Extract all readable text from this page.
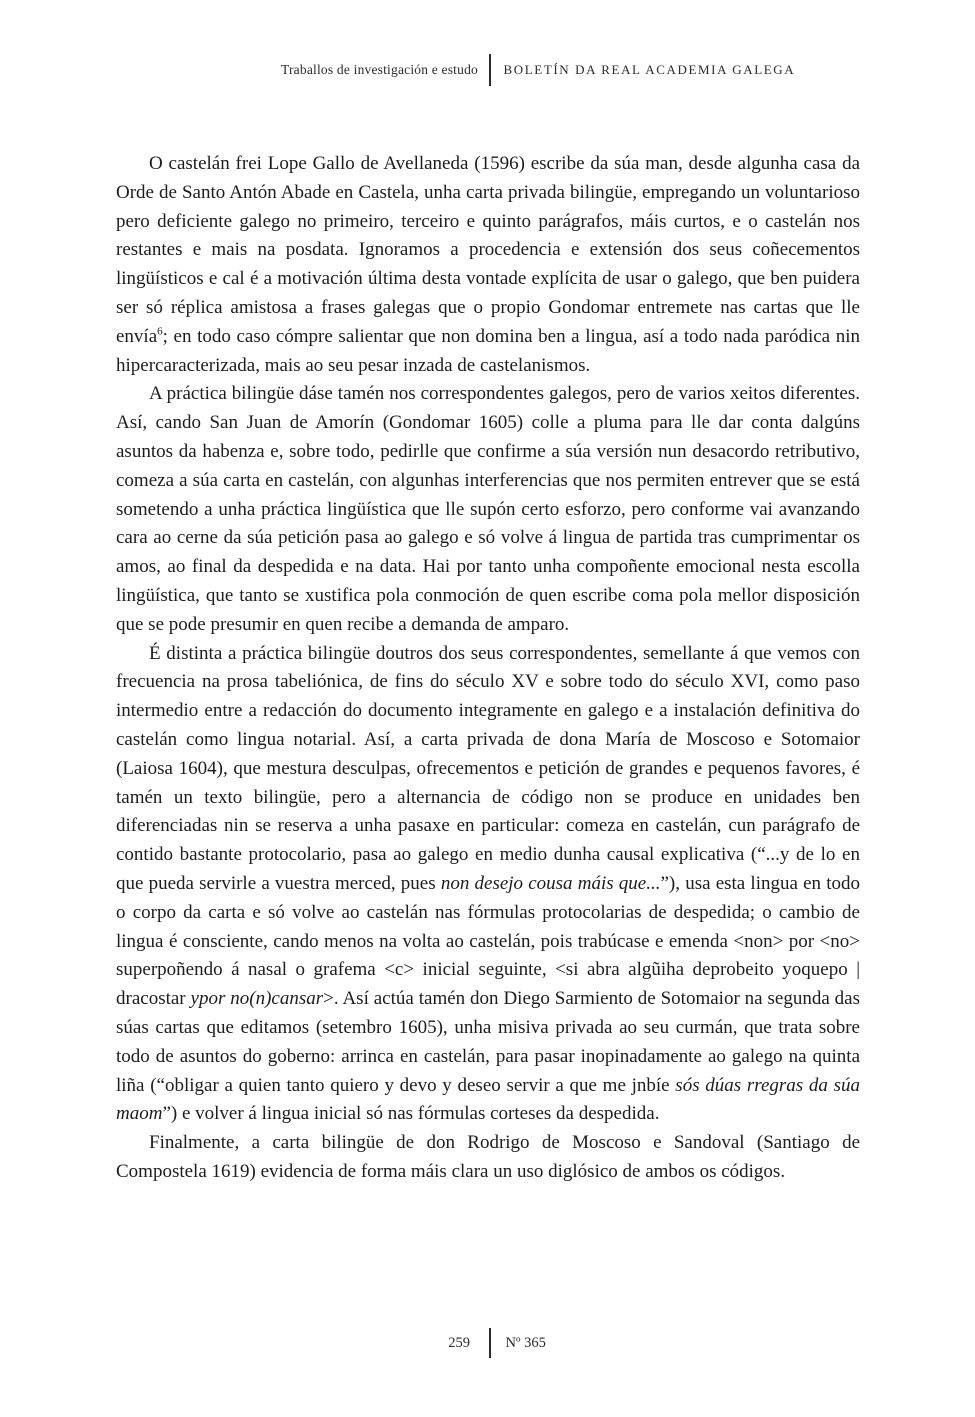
Traballos de investigación e estudo	BOLETÍN DA REAL ACADEMIA GALEGA

O castelán frei Lope Gallo de Avellaneda (1596) escribe da súa man, desde algunha casa da Orde de Santo Antón Abade en Castela, unha carta privada bilingüe, empregando un voluntarioso pero deficiente galego no primeiro, terceiro e quinto parágrafos, máis curtos, e o castelán nos restantes e mais na posdata. Ignoramos a procedencia e extensión dos seus coñecementos lingüísticos e cal é a motivación última desta vontade explícita de usar o galego, que ben puidera ser só réplica amistosa a frases galegas que o propio Gondomar entremete nas cartas que lle envía$^6$; en todo caso cómpre salientar que non domina ben a lingua, así a todo nada paródica nin hipercaracterizada, mais ao seu pesar inzada de castelanismos.

A práctica bilingüe dáse tamén nos correspondentes galegos, pero de varios xeitos diferentes. Así, cando San Juan de Amorín (Gondomar 1605) colle a pluma para lle dar conta dalgúns asuntos da habenza e, sobre todo, pedirlle que confirme a súa versión nun desacordo retributivo, comeza a súa carta en castelán, con algunhas interferencias que nos permiten entrever que se está sometendo a unha práctica lingüística que lle supón certo esforzo, pero conforme vai avanzando cara ao cerne da súa petición pasa ao galego e só volve á lingua de partida tras cumprimentar os amos, ao final da despedida e na data. Hai por tanto unha compoñente emocional nesta escolla lingüística, que tanto se xustifica pola conmoción de quen escribe coma pola mellor disposición que se pode presumir en quen recibe a demanda de amparo.

É distinta a práctica bilingüe doutros dos seus correspondentes, semellante á que vemos con frecuencia na prosa tabeliónica, de fins do século XV e sobre todo do século XVI, como paso intermedio entre a redacción do documento integramente en galego e a instalación definitiva do castelán como lingua notarial. Así, a carta privada de dona María de Moscoso e Sotomaior (Laiosa 1604), que mestura desculpas, ofrecementos e petición de grandes e pequenos favores, é tamén un texto bilingüe, pero a alternancia de código non se produce en unidades ben diferenciadas nin se reserva a unha pasaxe en particular: comeza en castelán, cun parágrafo de contido bastante protocolario, pasa ao galego en medio dunha causal explicativa (“...y de lo en que pueda servirle a vuestra merced, pues non desejo cousa máis que...”), usa esta lingua en todo o corpo da carta e só volve ao castelán nas fórmulas protocolarias de despedida; o cambio de lingua é consciente, cando menos na volta ao castelán, pois trabúcase e emenda <non> por <no> superpoñendo á nasal o grafema <c> inicial seguinte, <si abra algũiha deprobeito yoquepo | dracostar ypor no(n)cansar>. Así actúa tamén don Diego Sarmiento de Sotomaior na segunda das súas cartas que editamos (setembro 1605), unha misiva privada ao seu curmán, que trata sobre todo de asuntos do goberno: arrinca en castelán, para pasar inopinadamente ao galego na quinta liña (“obligar a quien tanto quiero y devo y deseo servir a que me jnbíe sós dúas rregras da súa maom”) e volver á lingua inicial só nas fórmulas corteses da despedida.

Finalmente, a carta bilingüe de don Rodrigo de Moscoso e Sandoval (Santiago de Compostela 1619) evidencia de forma máis clara un uso diglósico de ambos os códigos.

259	Nº 365
